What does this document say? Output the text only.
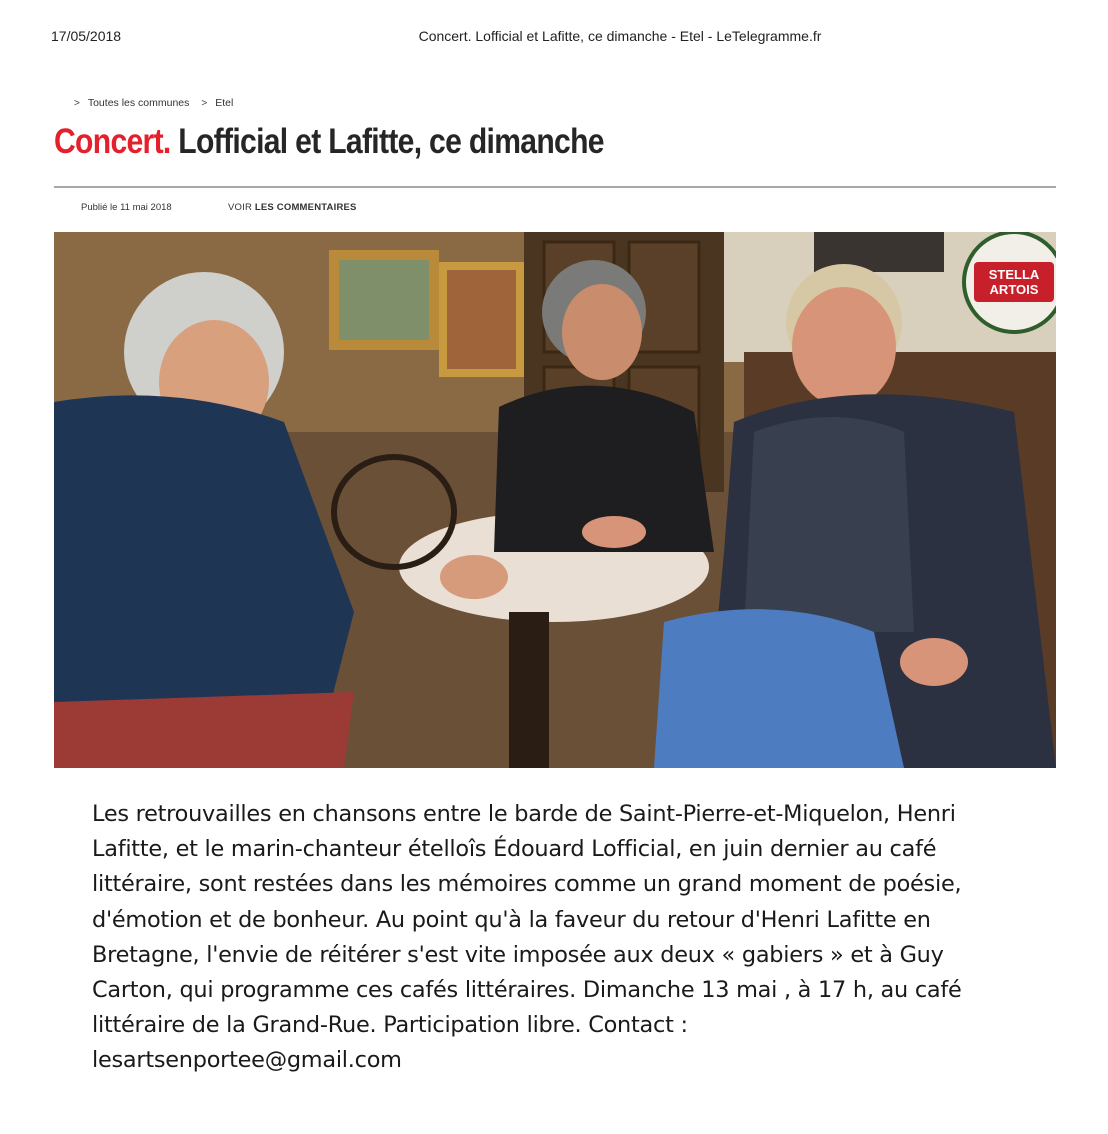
17/05/2018	Concert. Lofficial et Lafitte, ce dimanche - Etel - LeTelegramme.fr
> Toutes les communes > Etel
Concert. Lofficial et Lafitte, ce dimanche
Publié le 11 mai 2018	VOIR LES COMMENTAIRES
STELLA
ARTOIS

Les retrouvailles en chansons entre le barde de Saint-Pierre-et-Miquelon, Henri Lafitte, et le marin-chanteur ételloîs Édouard Lofficial, en juin dernier au café littéraire, sont restées dans les mémoires comme un grand moment de poésie, d'émotion et de bonheur. Au point qu'à la faveur du retour d'Henri Lafitte en Bretagne, l'envie de réitérer s'est vite imposée aux deux « gabiers » et à Guy Carton, qui programme ces cafés littéraires. Dimanche 13 mai , à 17 h, au café littéraire de la Grand-Rue. Participation libre. Contact : lesartsenportee@gmail.com
